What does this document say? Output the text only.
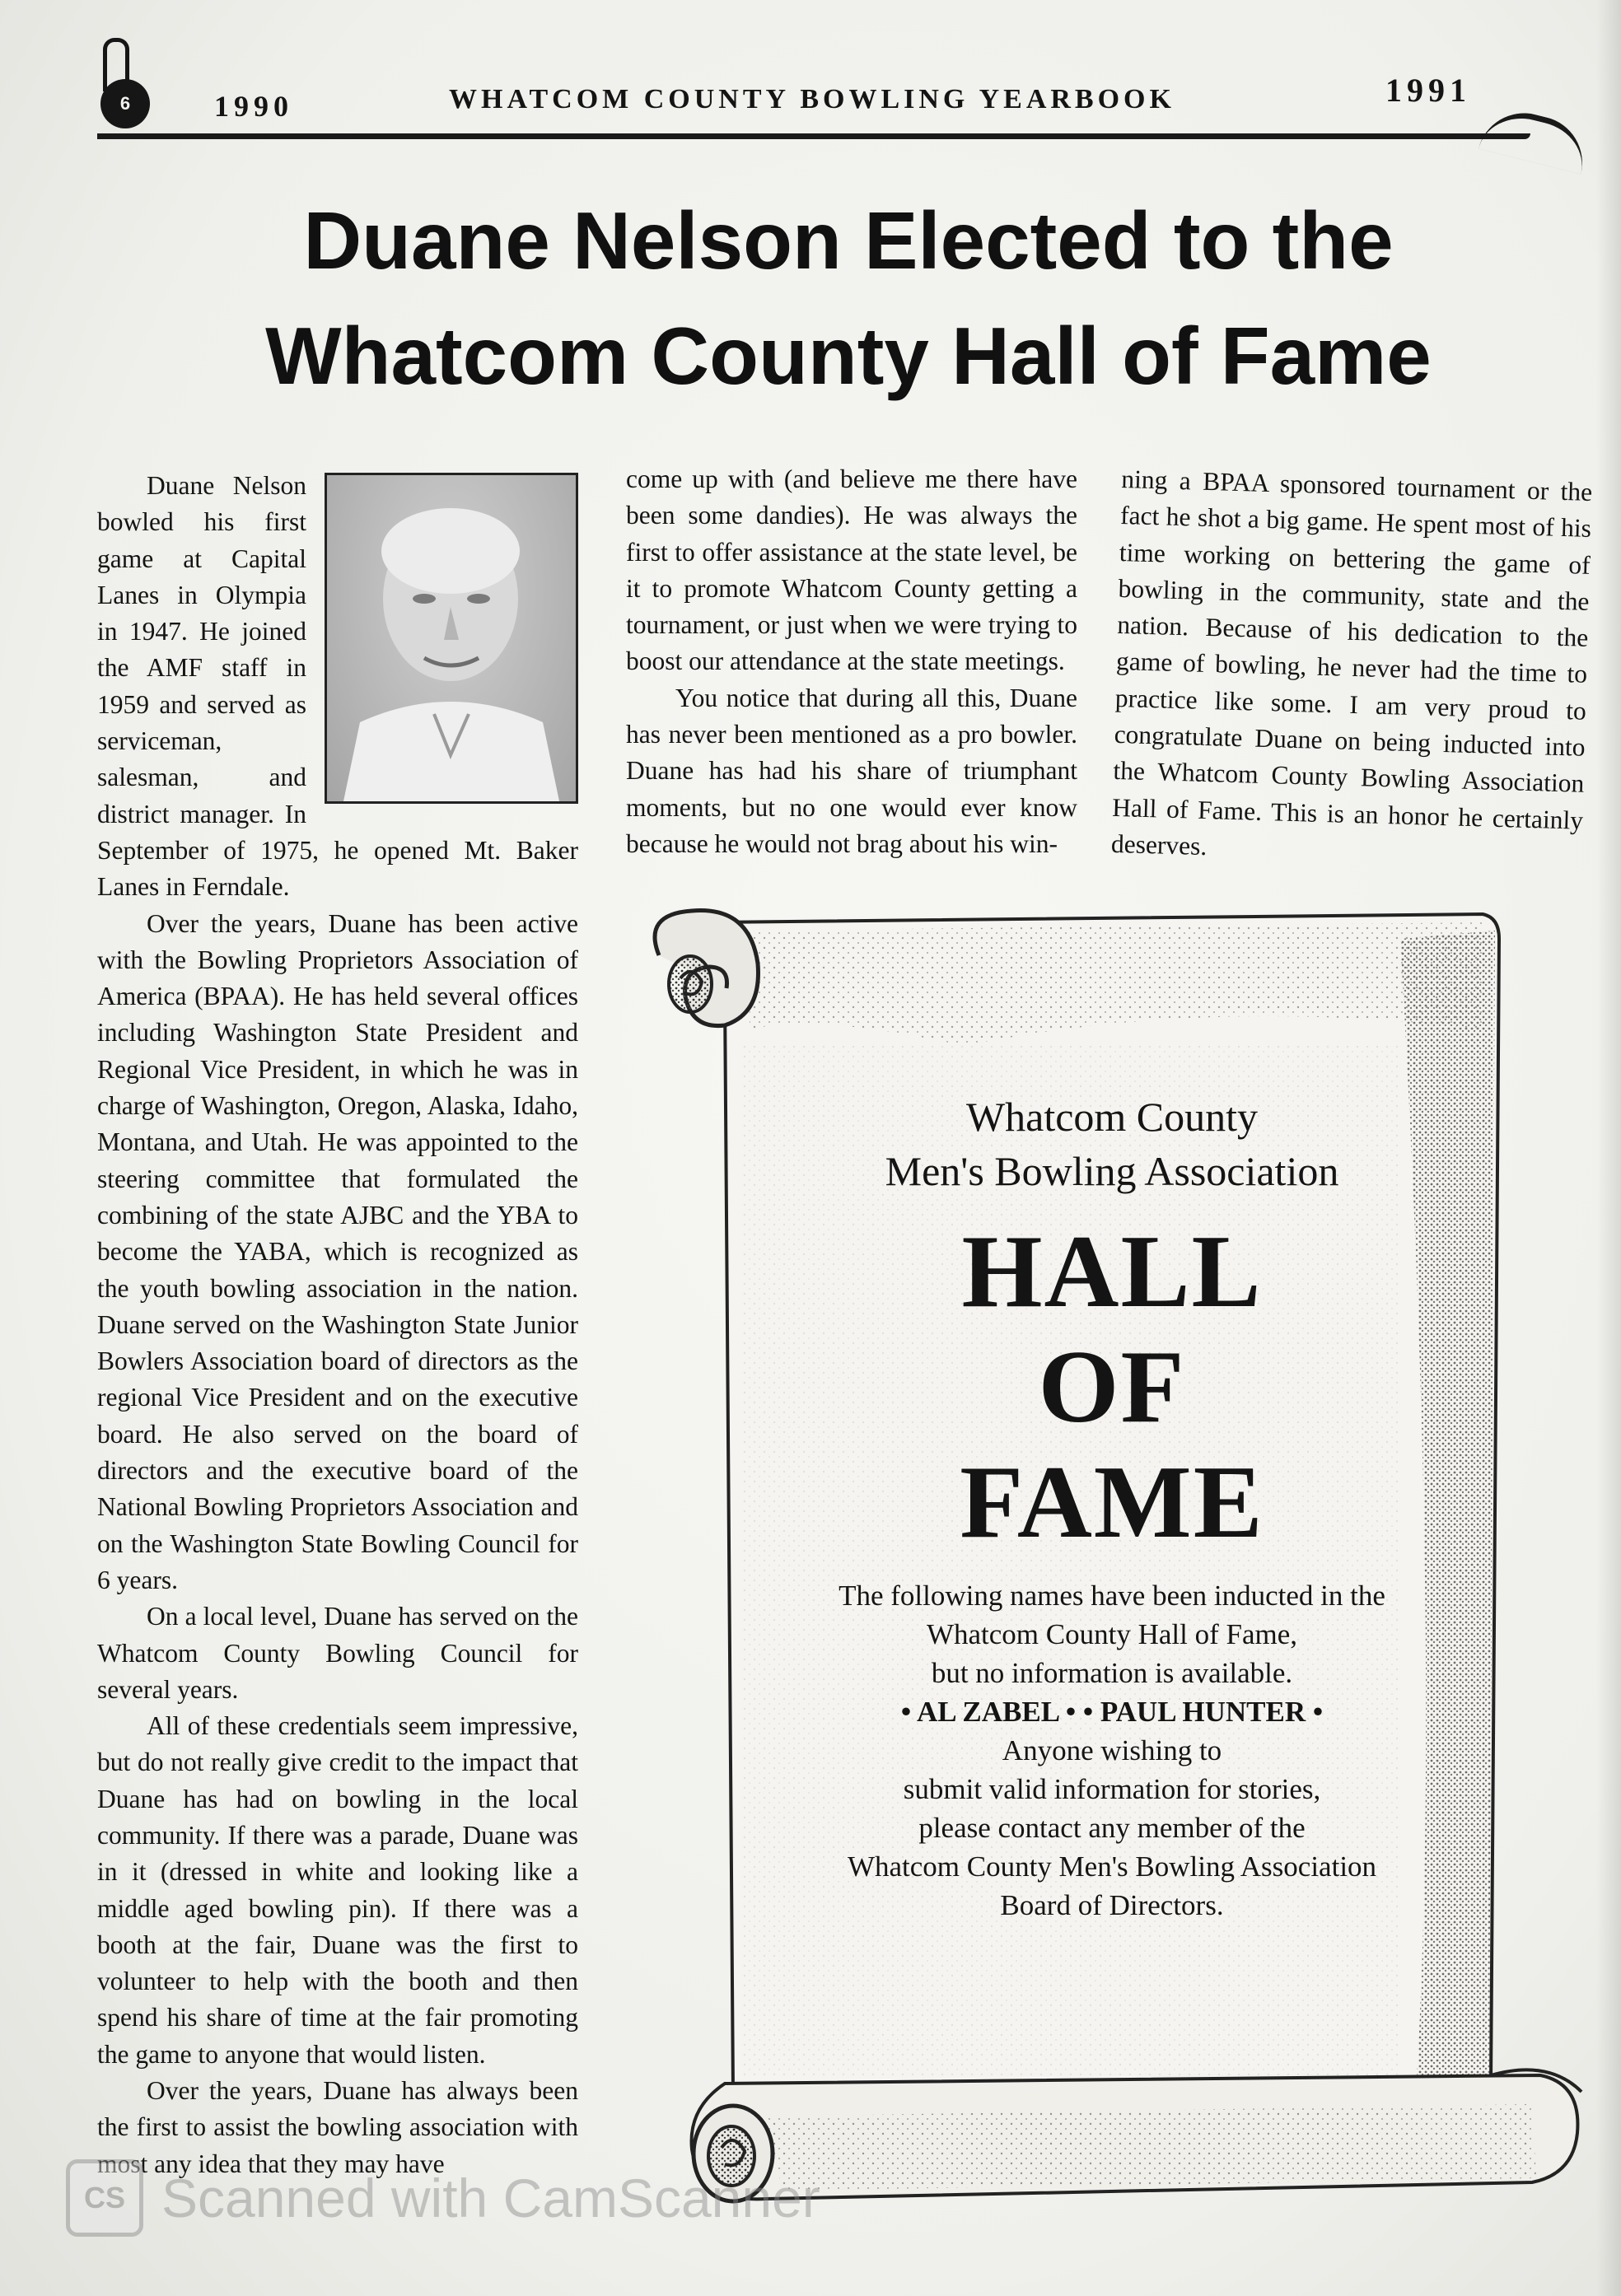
6	1990	WHATCOM COUNTY BOWLING YEARBOOK	1991
Duane Nelson Elected to the
Whatcom County Hall of Fame

Duane Nelson bowled his first game at Capital Lanes in Olympia in 1947. He joined the AMF staff in 1959 and served as serviceman, salesman, and district manager. In September of 1975, he opened Mt. Baker Lanes in Ferndale.

Over the years, Duane has been active with the Bowling Proprietors Association of America (BPAA). He has held several offices including Washington State President and Regional Vice President, in which he was in charge of Washington, Oregon, Alaska, Idaho, Montana, and Utah. He was appointed to the steering committee that formulated the combining of the state AJBC and the YBA to become the YABA, which is recognized as the youth bowling association in the nation. Duane served on the Washington State Junior Bowlers Association board of directors as the regional Vice President and on the executive board. He also served on the board of directors and the executive board of the National Bowling Proprietors Association and on the Washington State Bowling Council for 6 years.

On a local level, Duane has served on the Whatcom County Bowling Council for several years.

All of these credentials seem impressive, but do not really give credit to the impact that Duane has had on bowling in the local community. If there was a parade, Duane was in it (dressed in white and looking like a middle aged bowling pin). If there was a booth at the fair, Duane was the first to volunteer to help with the booth and then spend his share of time at the fair promoting the game to anyone that would listen.

Over the years, Duane has always been the first to assist the bowling association with most any idea that they may have

come up with (and believe me there have been some dandies). He was always the first to offer assistance at the state level, be it to promote Whatcom County getting a tournament, or just when we were trying to boost our attendance at the state meetings.

You notice that during all this, Duane has never been mentioned as a pro bowler. Duane has had his share of triumphant moments, but no one would ever know because he would not brag about his win-

ning a BPAA sponsored tournament or the fact he shot a big game. He spent most of his time working on bettering the game of bowling in the community, state and the nation. Because of his dedication to the game of bowling, he never had the time to practice like some. I am very proud to congratulate Duane on being inducted into the Whatcom County Bowling Association Hall of Fame. This is an honor he certainly deserves.

Whatcom County
Men's Bowling Association
HALL
OF
FAME
The following names have been inducted in the
Whatcom County Hall of Fame,
but no information is available.
• AL ZABEL • • PAUL HUNTER •
Anyone wishing to
submit valid information for stories,
please contact any member of the
Whatcom County Men's Bowling Association
Board of Directors.
CS Scanned with CamScanner
